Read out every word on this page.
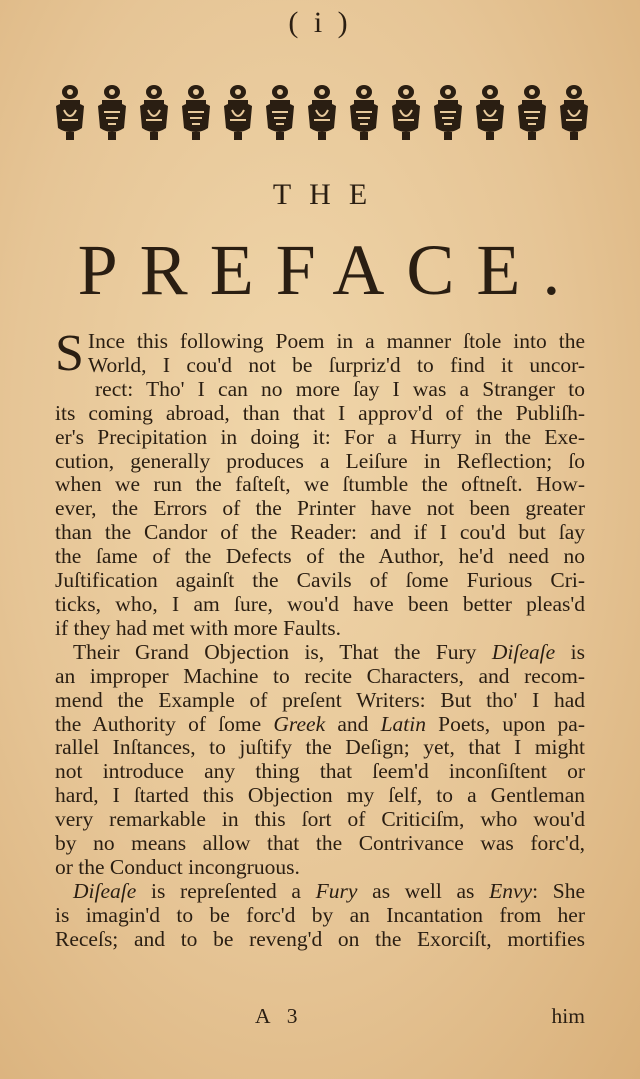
( i )
THE
PREFACE.
S Ince this following Poem in a manner ſtole into the
World, I cou'd not be ſurpriz'd to find it uncor-
rect: Tho' I can no more ſay I was a Stranger to
its coming abroad, than that I approv'd of the Publiſh-
er's Precipitation in doing it: For a Hurry in the Exe-
cution, generally produces a Leiſure in Reflection; ſo
when we run the faſteſt, we ſtumble the oftneſt. How-
ever, the Errors of the Printer have not been greater
than the Candor of the Reader: and if I cou'd but ſay
the ſame of the Defects of the Author, he'd need no
Juſtification againſt the Cavils of ſome Furious Cri-
ticks, who, I am ſure, wou'd have been better pleas'd
if they had met with more Faults.
Their Grand Objection is, That the Fury Diſeaſe is
an improper Machine to recite Characters, and recom-
mend the Example of preſent Writers: But tho' I had
the Authority of ſome Greek and Latin Poets, upon pa-
rallel Inſtances, to juſtify the Deſign; yet, that I might
not introduce any thing that ſeem'd inconſiſtent or
hard, I ſtarted this Objection my ſelf, to a Gentleman
very remarkable in this ſort of Criticiſm, who wou'd
by no means allow that the Contrivance was forc'd,
or the Conduct incongruous.
Diſeaſe is repreſented a Fury as well as Envy: She
is imagin'd to be forc'd by an Incantation from her
Receſs; and to be reveng'd on the Exorciſt, mortifies
A 3	him
